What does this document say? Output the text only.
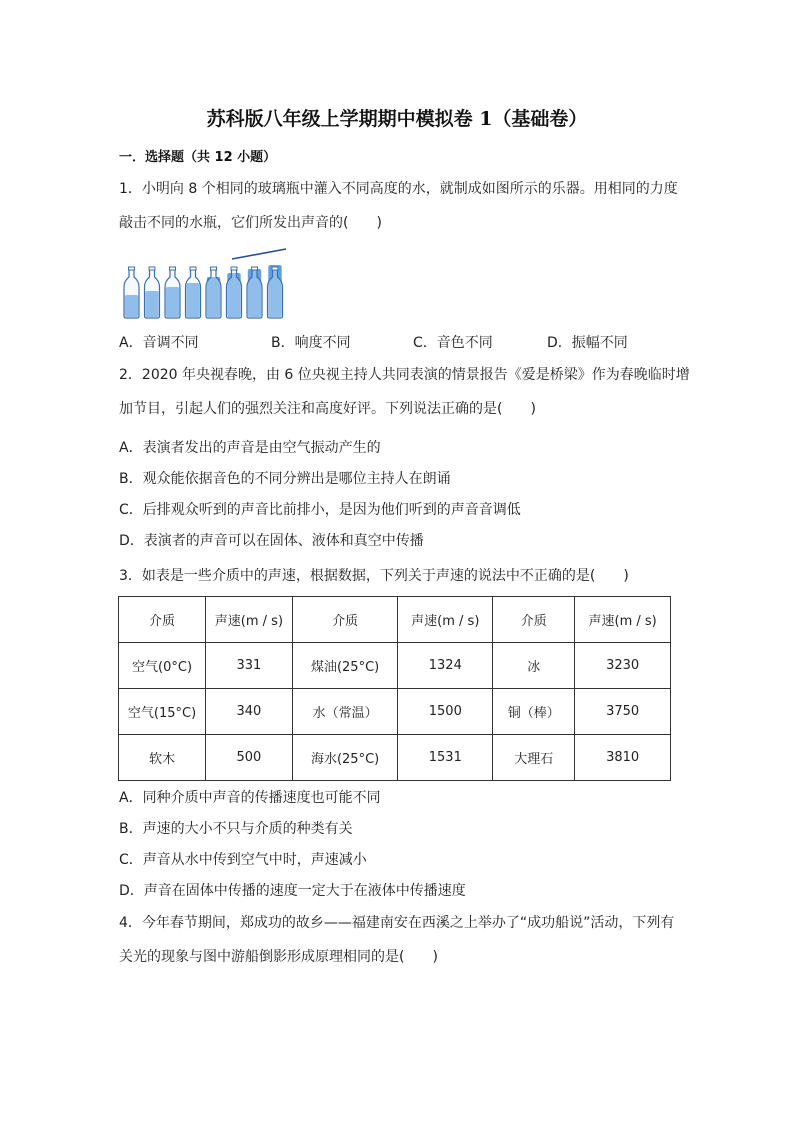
苏科版八年级上学期期中模拟卷 1（基础卷）
一．选择题（共 12 小题）
1．小明向 8 个相同的玻璃瓶中灌入不同高度的水，就制成如图所示的乐器。用相同的力度
敲击不同的水瓶，它们所发出声音的(　　)
A．音调不同	B．响度不同	C．音色不同	D．振幅不同
2．2020 年央视春晚，由 6 位央视主持人共同表演的情景报告《爱是桥梁》作为春晚临时增
加节目，引起人们的强烈关注和高度好评。下列说法正确的是(　　)
A．表演者发出的声音是由空气振动产生的
B．观众能依据音色的不同分辨出是哪位主持人在朗诵
C．后排观众听到的声音比前排小，是因为他们听到的声音音调低
D．表演者的声音可以在固体、液体和真空中传播
3．如表是一些介质中的声速，根据数据，下列关于声速的说法中不正确的是(　　)
介质	声速(m / s)	介质	声速(m / s)	介质	声速(m / s)
空气(0°C)	331	煤油(25°C)	1324	冰	3230
空气(15°C)	340	水（常温）	1500	铜（棒）	3750
软木	500	海水(25°C)	1531	大理石	3810
A．同种介质中声音的传播速度也可能不同
B．声速的大小不只与介质的种类有关
C．声音从水中传到空气中时，声速减小
D．声音在固体中传播的速度一定大于在液体中传播速度
4．今年春节期间，郑成功的故乡——福建南安在西溪之上举办了“成功船说”活动，下列有
关光的现象与图中游船倒影形成原理相同的是(　　)
